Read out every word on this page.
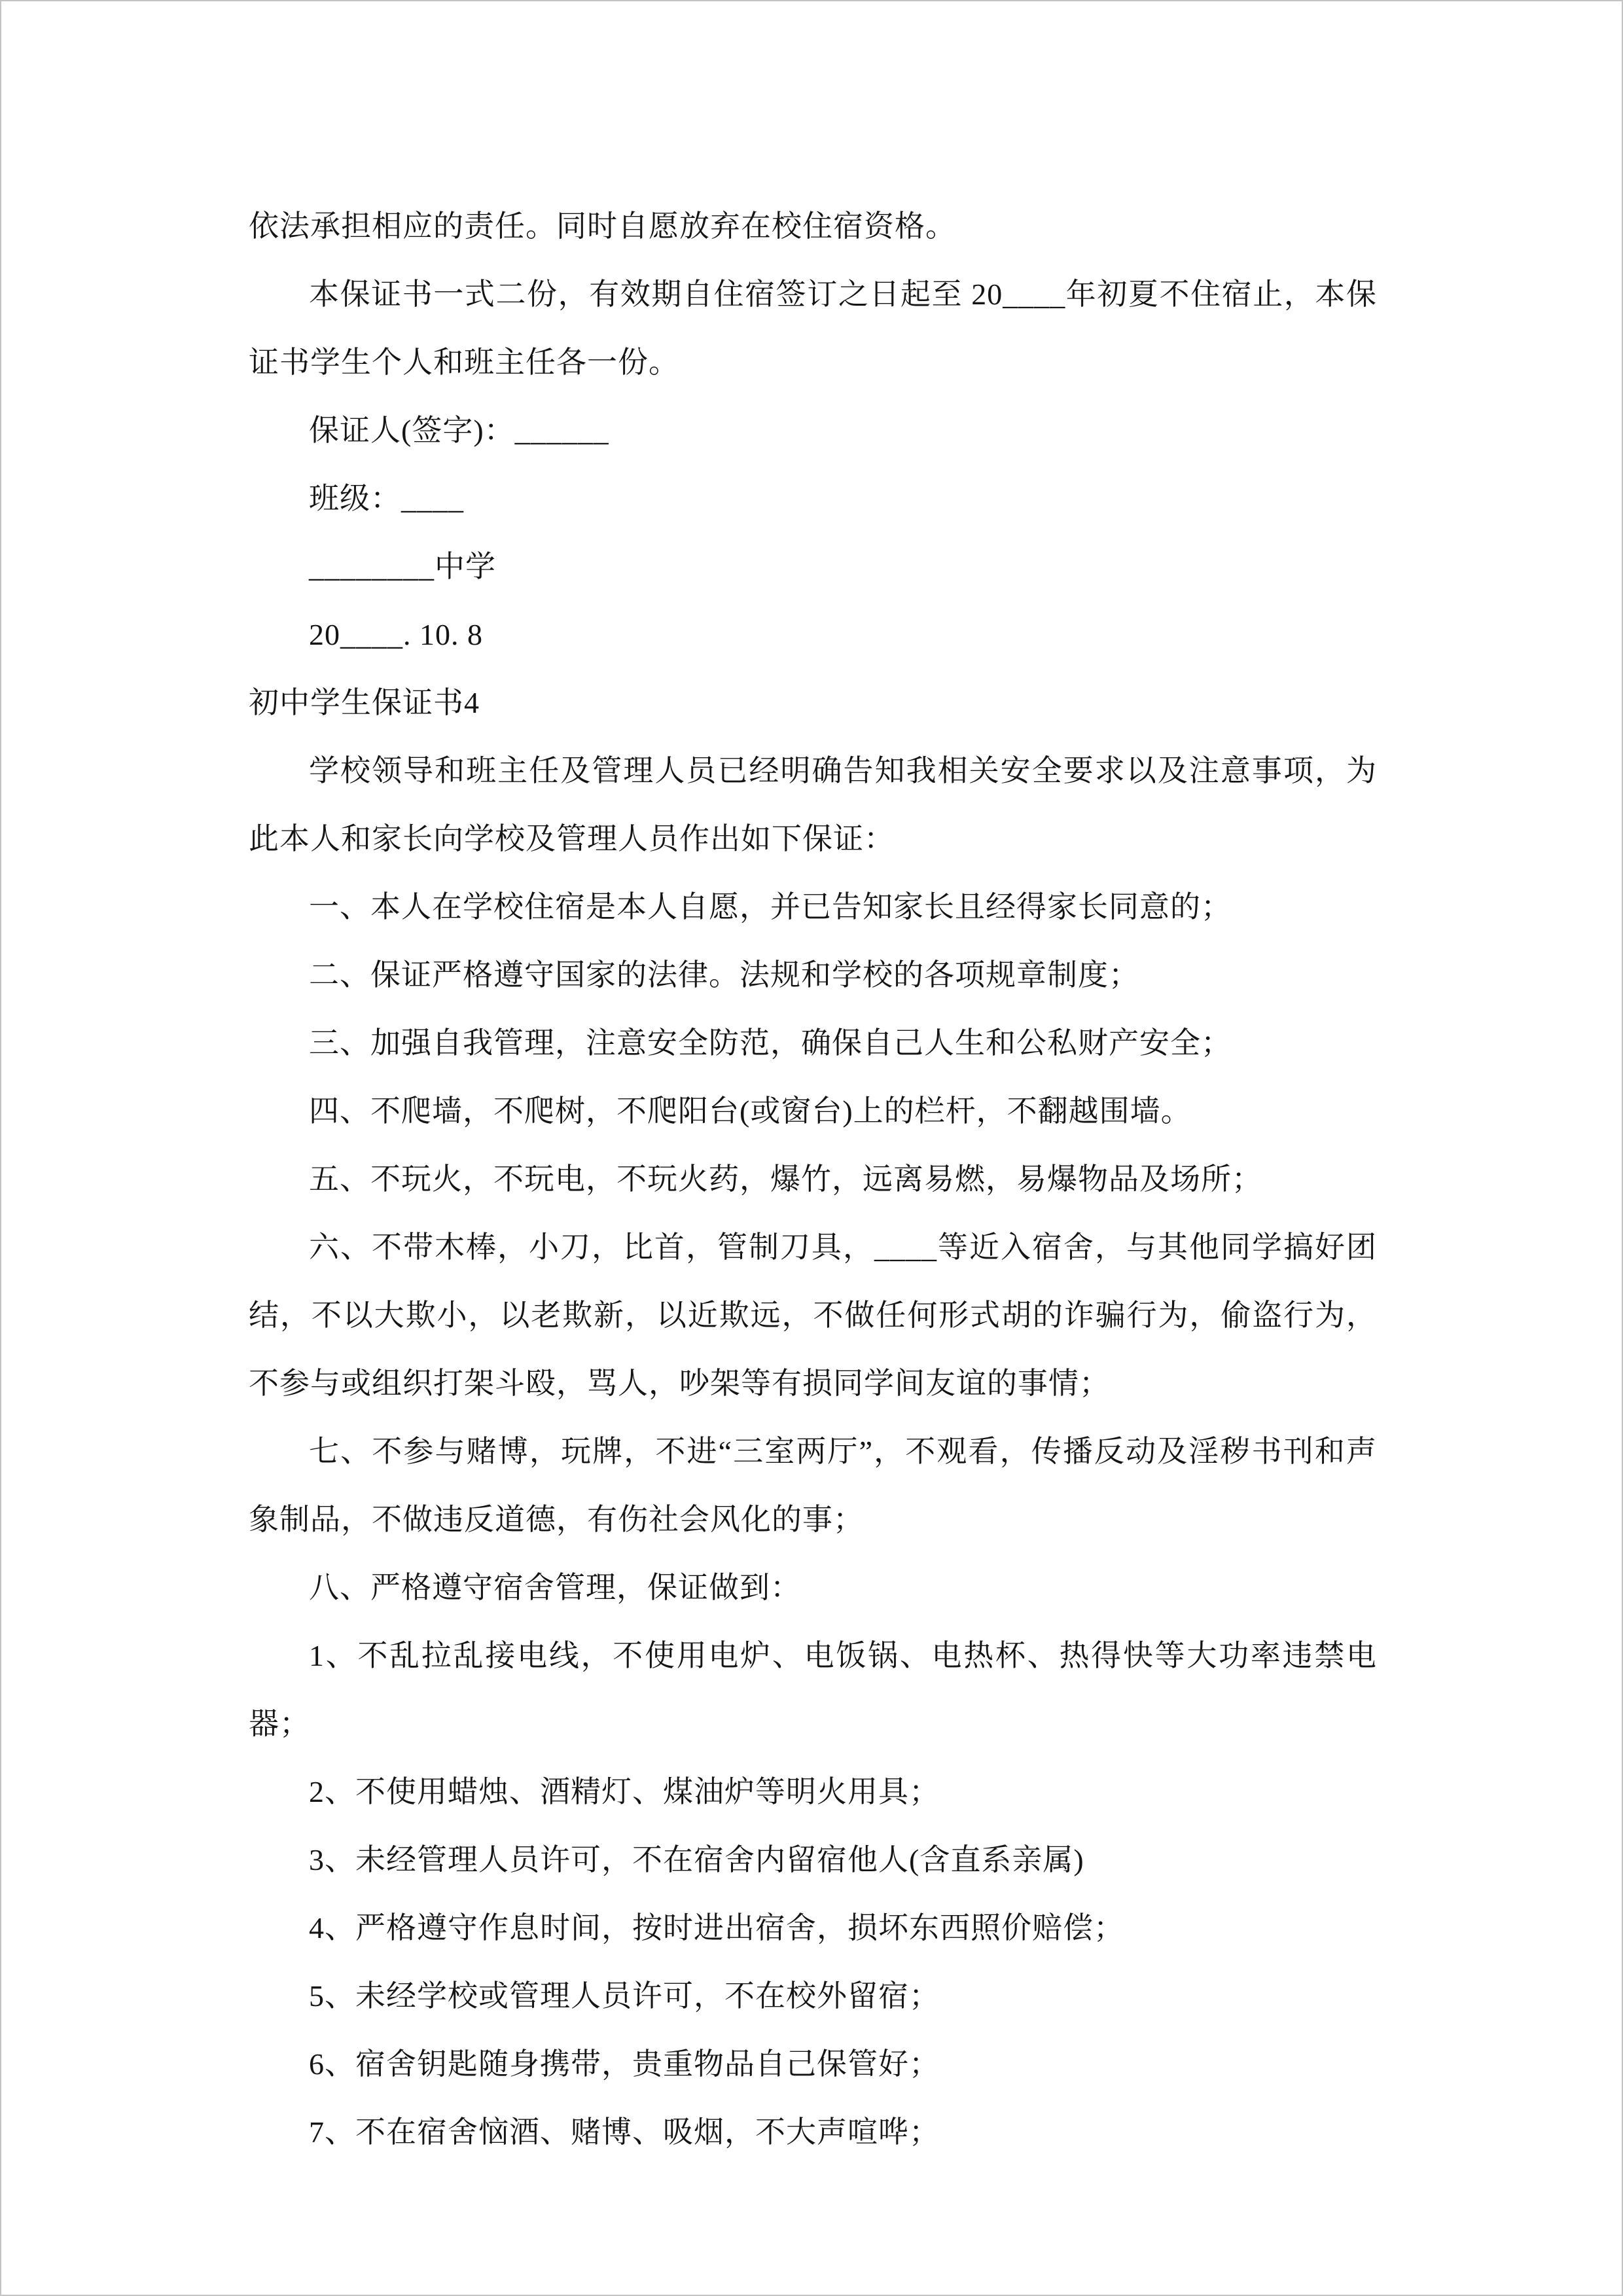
依法承担相应的责任。同时自愿放弃在校住宿资格。

本保证书一式二份，有效期自住宿签订之日起至 20____年初夏不住宿止，本保证书学生个人和班主任各一份。

保证人(签字)：______

班级：____

________中学

20____. 10. 8

初中学生保证书4

学校领导和班主任及管理人员已经明确告知我相关安全要求以及注意事项，为此本人和家长向学校及管理人员作出如下保证：

一、本人在学校住宿是本人自愿，并已告知家长且经得家长同意的；

二、保证严格遵守国家的法律。法规和学校的各项规章制度；

三、加强自我管理，注意安全防范，确保自己人生和公私财产安全；

四、不爬墙，不爬树，不爬阳台(或窗台)上的栏杆，不翻越围墙。

五、不玩火，不玩电，不玩火药，爆竹，远离易燃，易爆物品及场所；

六、不带木棒，小刀，比首，管制刀具，____等近入宿舍，与其他同学搞好团结，不以大欺小，以老欺新，以近欺远，不做任何形式胡的诈骗行为，偷盗行为，不参与或组织打架斗殴，骂人，吵架等有损同学间友谊的事情；

七、不参与赌博，玩牌，不进“三室两厅”，不观看，传播反动及淫秽书刊和声象制品，不做违反道德，有伤社会风化的事；

八、严格遵守宿舍管理，保证做到：

1、不乱拉乱接电线，不使用电炉、电饭锅、电热杯、热得快等大功率违禁电器；

2、不使用蜡烛、酒精灯、煤油炉等明火用具；

3、未经管理人员许可，不在宿舍内留宿他人(含直系亲属)

4、严格遵守作息时间，按时进出宿舍，损坏东西照价赔偿；

5、未经学校或管理人员许可，不在校外留宿；

6、宿舍钥匙随身携带，贵重物品自己保管好；

7、不在宿舍恼酒、赌博、吸烟，不大声喧哗；
